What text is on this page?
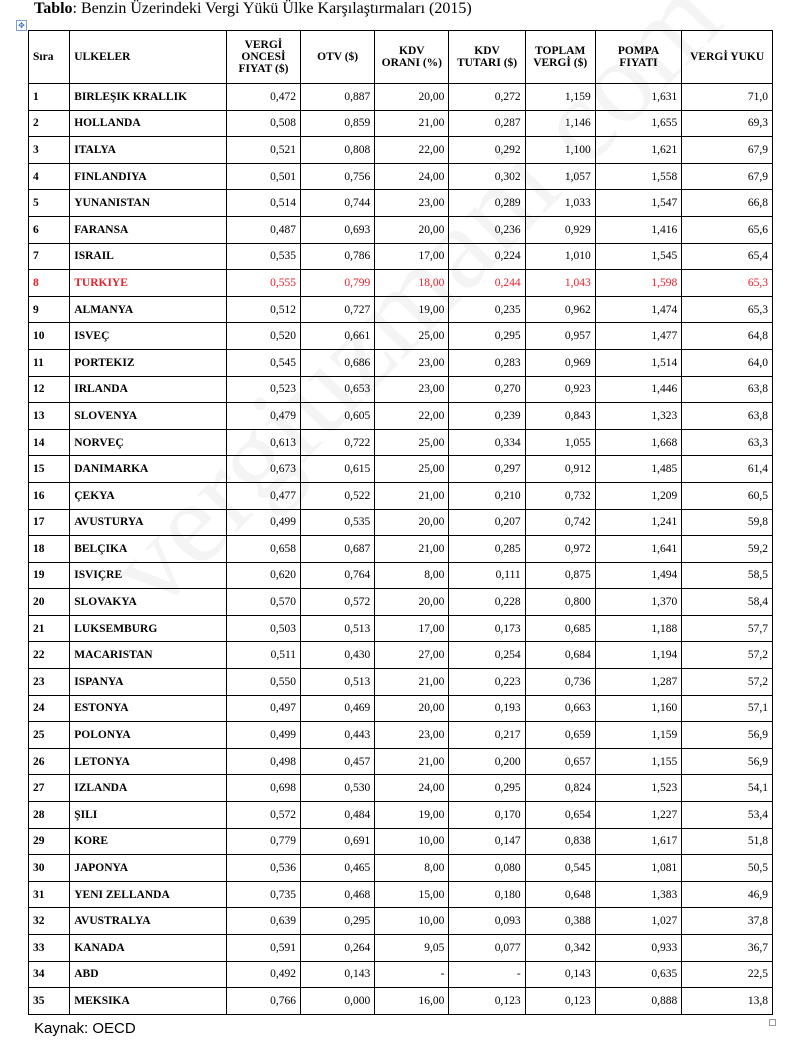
Tablo: Benzin Üzerindeki Vergi Yükü Ülke Karşılaştırmaları (2015)
✥
Sıra	ULKELER	VERGİ ONCESİ FIYAT ($)	OTV ($)	KDV ORANI (%)	KDV TUTARI ($)	TOPLAM VERGİ ($)	POMPA FIYATI	VERGİ YUKU
1	BIRLEŞIK KRALLIK	0,472	0,887	20,00	0,272	1,159	1,631	71,0
2	HOLLANDA	0,508	0,859	21,00	0,287	1,146	1,655	69,3
3	ITALYA	0,521	0,808	22,00	0,292	1,100	1,621	67,9
4	FINLANDIYA	0,501	0,756	24,00	0,302	1,057	1,558	67,9
5	YUNANISTAN	0,514	0,744	23,00	0,289	1,033	1,547	66,8
6	FARANSA	0,487	0,693	20,00	0,236	0,929	1,416	65,6
7	ISRAIL	0,535	0,786	17,00	0,224	1,010	1,545	65,4
8	TURKIYE	0,555	0,799	18,00	0,244	1,043	1,598	65,3
9	ALMANYA	0,512	0,727	19,00	0,235	0,962	1,474	65,3
10	ISVEÇ	0,520	0,661	25,00	0,295	0,957	1,477	64,8
11	PORTEKIZ	0,545	0,686	23,00	0,283	0,969	1,514	64,0
12	IRLANDA	0,523	0,653	23,00	0,270	0,923	1,446	63,8
13	SLOVENYA	0,479	0,605	22,00	0,239	0,843	1,323	63,8
14	NORVEÇ	0,613	0,722	25,00	0,334	1,055	1,668	63,3
15	DANIMARKA	0,673	0,615	25,00	0,297	0,912	1,485	61,4
16	ÇEKYA	0,477	0,522	21,00	0,210	0,732	1,209	60,5
17	AVUSTURYA	0,499	0,535	20,00	0,207	0,742	1,241	59,8
18	BELÇIKA	0,658	0,687	21,00	0,285	0,972	1,641	59,2
19	ISVIÇRE	0,620	0,764	8,00	0,111	0,875	1,494	58,5
20	SLOVAKYA	0,570	0,572	20,00	0,228	0,800	1,370	58,4
21	LUKSEMBURG	0,503	0,513	17,00	0,173	0,685	1,188	57,7
22	MACARISTAN	0,511	0,430	27,00	0,254	0,684	1,194	57,2
23	ISPANYA	0,550	0,513	21,00	0,223	0,736	1,287	57,2
24	ESTONYA	0,497	0,469	20,00	0,193	0,663	1,160	57,1
25	POLONYA	0,499	0,443	23,00	0,217	0,659	1,159	56,9
26	LETONYA	0,498	0,457	21,00	0,200	0,657	1,155	56,9
27	IZLANDA	0,698	0,530	24,00	0,295	0,824	1,523	54,1
28	ŞILI	0,572	0,484	19,00	0,170	0,654	1,227	53,4
29	KORE	0,779	0,691	10,00	0,147	0,838	1,617	51,8
30	JAPONYA	0,536	0,465	8,00	0,080	0,545	1,081	50,5
31	YENI ZELLANDA	0,735	0,468	15,00	0,180	0,648	1,383	46,9
32	AVUSTRALYA	0,639	0,295	10,00	0,093	0,388	1,027	37,8
33	KANADA	0,591	0,264	9,05	0,077	0,342	0,933	36,7
34	ABD	0,492	0,143	-	-	0,143	0,635	22,5
35	MEKSIKA	0,766	0,000	16,00	0,123	0,123	0,888	13,8
Kaynak: OECD
